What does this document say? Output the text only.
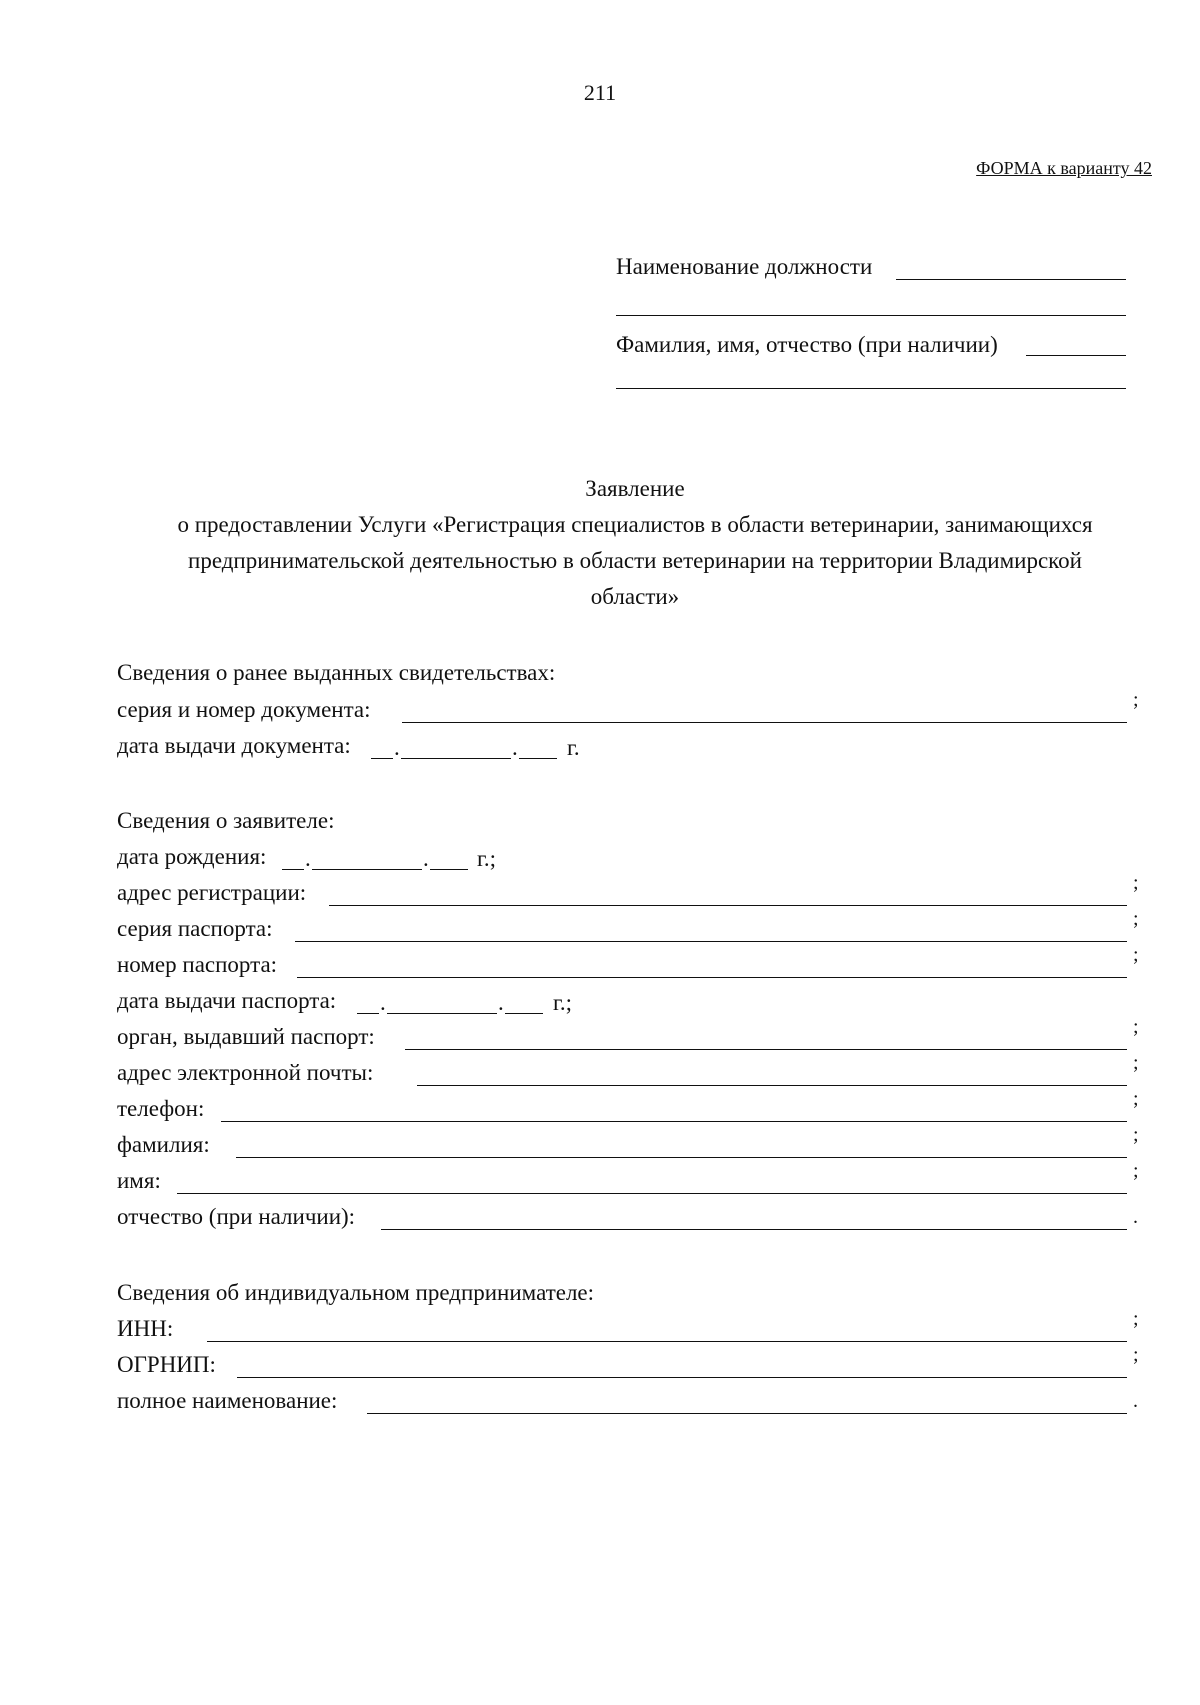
211
ФОРМА к варианту 42
Наименование должности
Фамилия, имя, отчество (при наличии)
Заявление
о предоставлении Услуги «Регистрация специалистов в области ветеринарии, занимающихся
предпринимательской деятельностью в области ветеринарии на территории Владимирской
области»
Сведения о ранее выданных свидетельствах:
серия и номер документа:	;
дата выдачи документа: .	. г.
Сведения о заявителе:
дата рождения: .	. г.;
адрес регистрации:	;
серия паспорта:	;
номер паспорта:	;
дата выдачи паспорта: .	. г.;
орган, выдавший паспорт:	;
адрес электронной почты:	;
телефон:	;
фамилия:	;
имя:	;
отчество (при наличии):	.
Сведения об индивидуальном предпринимателе:
ИНН:	;
ОГРНИП:	;
полное наименование:	.
